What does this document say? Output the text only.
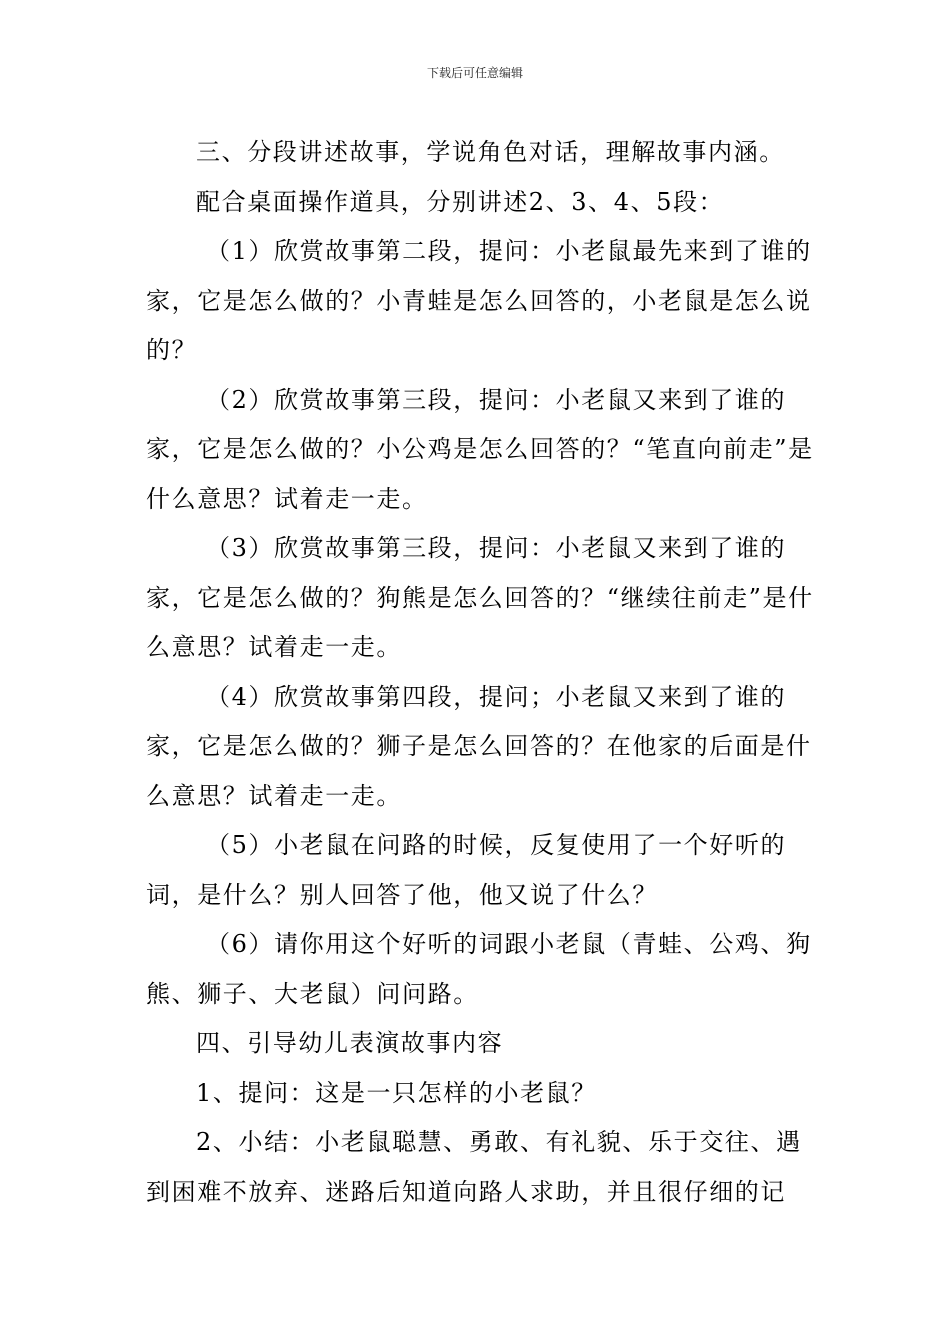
下载后可任意编辑

三、分段讲述故事，学说角色对话，理解故事内涵。

配合桌面操作道具，分别讲述2、3、4、5段：

（1）欣赏故事第二段，提问：小老鼠最先来到了谁的家，它是怎么做的？小青蛙是怎么回答的，小老鼠是怎么说的？

（2）欣赏故事第三段，提问：小老鼠又来到了谁的家，它是怎么做的？小公鸡是怎么回答的？“笔直向前走”是什么意思？试着走一走。

（3）欣赏故事第三段，提问：小老鼠又来到了谁的家，它是怎么做的？狗熊是怎么回答的？“继续往前走”是什么意思？试着走一走。

（4）欣赏故事第四段，提问；小老鼠又来到了谁的家，它是怎么做的？狮子是怎么回答的？在他家的后面是什么意思？试着走一走。

（5）小老鼠在问路的时候，反复使用了一个好听的词，是什么？别人回答了他，他又说了什么？

（6）请你用这个好听的词跟小老鼠（青蛙、公鸡、狗熊、狮子、大老鼠）问问路。

四、引导幼儿表演故事内容

1、提问：这是一只怎样的小老鼠？

2、小结：小老鼠聪慧、勇敢、有礼貌、乐于交往、遇到困难不放弃、迷路后知道向路人求助，并且很仔细的记
